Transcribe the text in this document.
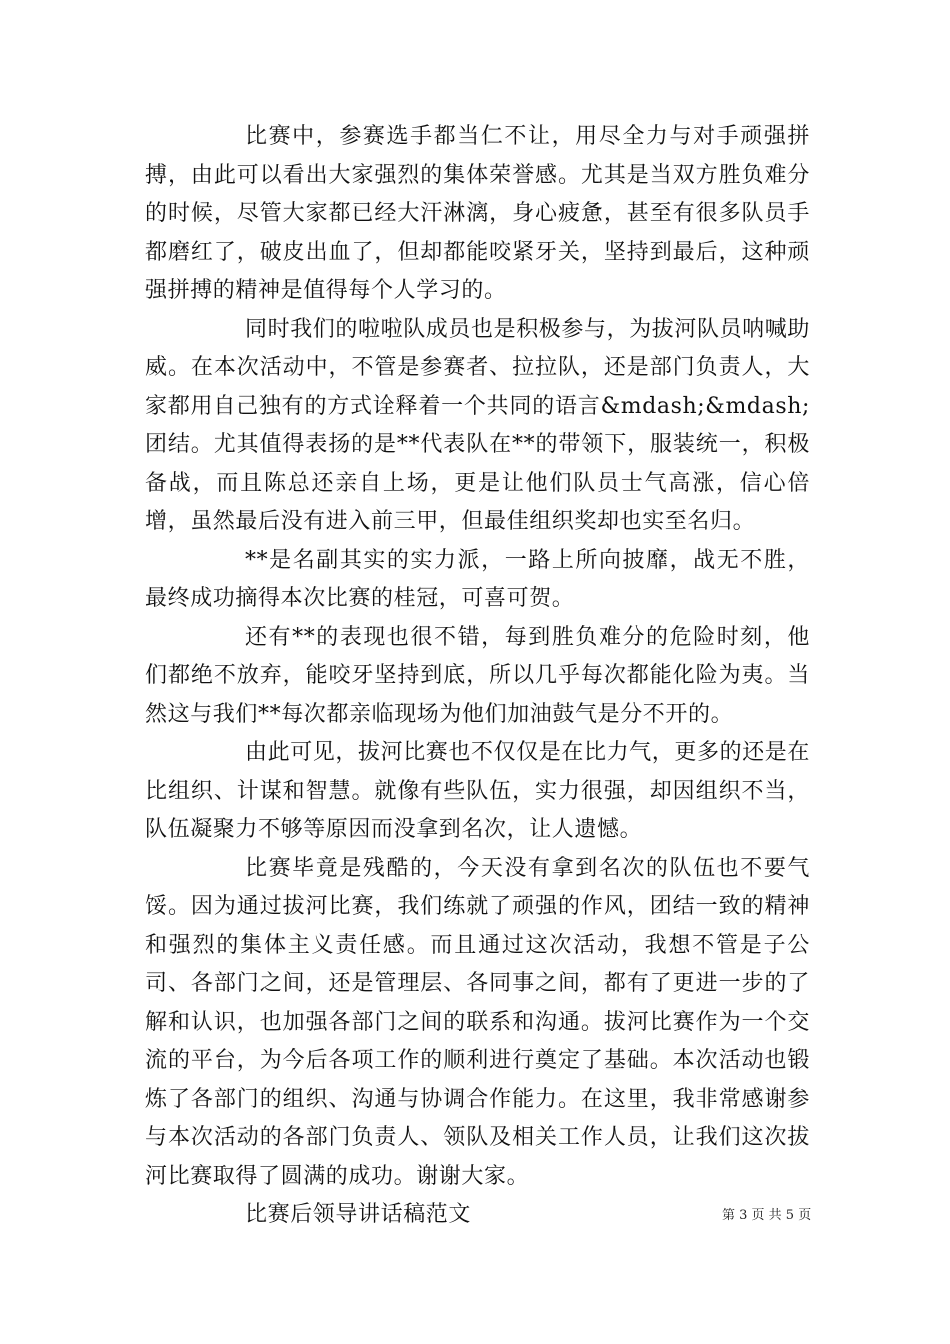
比赛中，参赛选手都当仁不让，用尽全力与对手顽强拼搏，由此可以看出大家强烈的集体荣誉感。尤其是当双方胜负难分的时候，尽管大家都已经大汗淋漓，身心疲惫，甚至有很多队员手都磨红了，破皮出血了，但却都能咬紧牙关，坚持到最后，这种顽强拼搏的精神是值得每个人学习的。

同时我们的啦啦队成员也是积极参与，为拔河队员呐喊助威。在本次活动中，不管是参赛者、拉拉队，还是部门负责人，大家都用自己独有的方式诠释着一个共同的语言&mdash;&mdash;团结。尤其值得表扬的是**代表队在**的带领下，服装统一，积极备战，而且陈总还亲自上场，更是让他们队员士气高涨，信心倍增，虽然最后没有进入前三甲，但最佳组织奖却也实至名归。

**是名副其实的实力派，一路上所向披靡，战无不胜，最终成功摘得本次比赛的桂冠，可喜可贺。

还有**的表现也很不错，每到胜负难分的危险时刻，他们都绝不放弃，能咬牙坚持到底，所以几乎每次都能化险为夷。当然这与我们**每次都亲临现场为他们加油鼓气是分不开的。

由此可见，拔河比赛也不仅仅是在比力气，更多的还是在比组织、计谋和智慧。就像有些队伍，实力很强，却因组织不当，队伍凝聚力不够等原因而没拿到名次，让人遗憾。

比赛毕竟是残酷的，今天没有拿到名次的队伍也不要气馁。因为通过拔河比赛，我们练就了顽强的作风，团结一致的精神和强烈的集体主义责任感。而且通过这次活动，我想不管是子公司、各部门之间，还是管理层、各同事之间，都有了更进一步的了解和认识，也加强各部门之间的联系和沟通。拔河比赛作为一个交流的平台，为今后各项工作的顺利进行奠定了基础。本次活动也锻炼了各部门的组织、沟通与协调合作能力。在这里，我非常感谢参与本次活动的各部门负责人、领队及相关工作人员，让我们这次拔河比赛取得了圆满的成功。谢谢大家。

比赛后领导讲话稿范文	第 3 页 共 5 页
